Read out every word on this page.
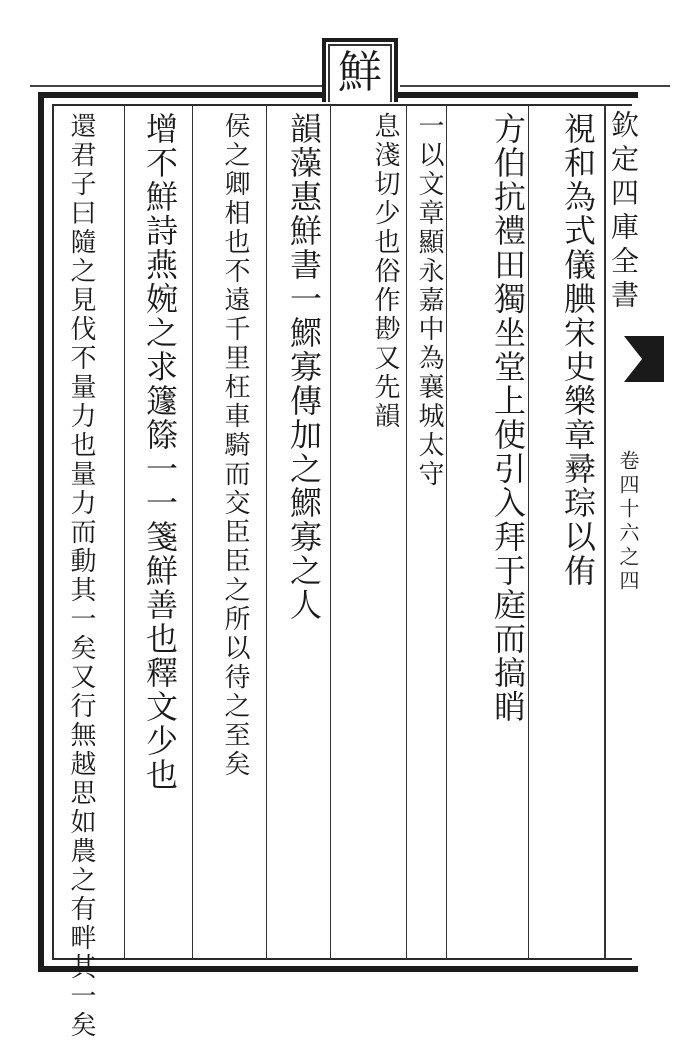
鮮
欽定四庫全書
卷四十六之四
視和為式儀腆宋史樂章彛琮以侑
方伯抗禮田獨坐堂上使引入拜于庭而搞睄
一以文章顯永嘉中為襄城太守
息淺切少也俗作尠又先韻
韻藻惠鮮書一鰥寡傳加之鰥寡之人
侯之卿相也不遠千里枉車騎而交臣臣之所以待之至矣
增不鮮詩燕婉之求籧篨一一箋鮮善也釋文少也
還君子曰隨之見伐不量力也量力而動其一矣又行無越思如農之有畔其一矣
